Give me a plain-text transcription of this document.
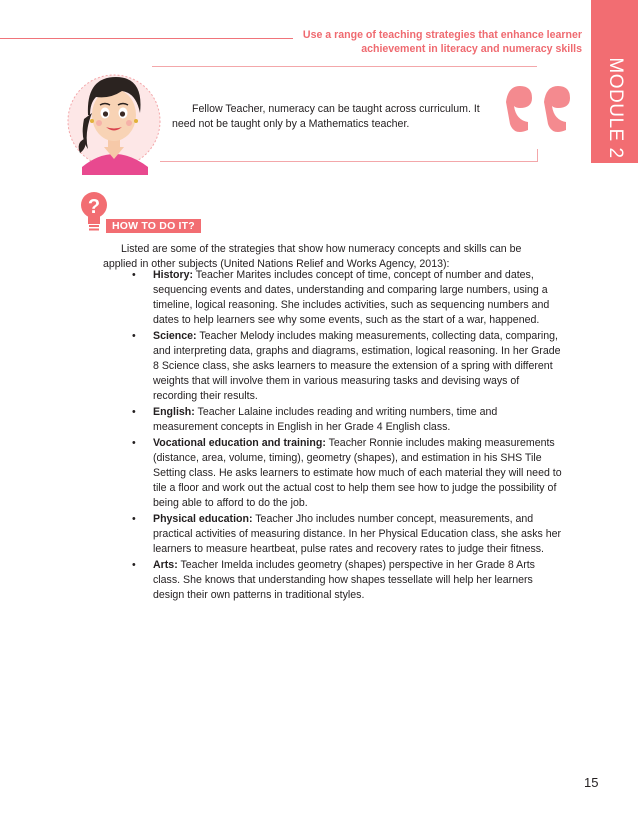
Use a range of teaching strategies that enhance learner
achievement in literacy and numeracy skills
MODULE 2
Fellow Teacher, numeracy can be taught across curriculum. It need not be taught only by a Mathematics teacher.
?
HOW TO DO IT?

Listed are some of the strategies that show how numeracy concepts and skills can be applied in other subjects (United Nations Relief and Works Agency, 2013):

• History: Teacher Marites includes concept of time, concept of number and dates, sequencing events and dates, understanding and comparing large numbers, using a timeline, logical reasoning. She includes activities, such as sequencing numbers and dates to help learners see why some events, such as the start of a war, happened.
• Science: Teacher Melody includes making measurements, collecting data, comparing, and interpreting data, graphs and diagrams, estimation, logical reasoning. In her Grade 8 Science class, she asks learners to measure the extension of a spring with different weights that will involve them in various measuring tasks and devising ways of recording their results.
• English: Teacher Lalaine includes reading and writing numbers, time and measurement concepts in English in her Grade 4 English class.
• Vocational education and training: Teacher Ronnie includes making measurements (distance, area, volume, timing), geometry (shapes), and estimation in his SHS Tile Setting class. He asks learners to estimate how much of each material they will need to tile a floor and work out the actual cost to help them see how to judge the possibility of being able to afford to do the job.
• Physical education: Teacher Jho includes number concept, measurements, and practical activities of measuring distance. In her Physical Education class, she asks her learners to measure heartbeat, pulse rates and recovery rates to judge their fitness.
• Arts: Teacher Imelda includes geometry (shapes) perspective in her Grade 8 Arts class. She knows that understanding how shapes tessellate will help her learners design their own patterns in traditional styles.
15
